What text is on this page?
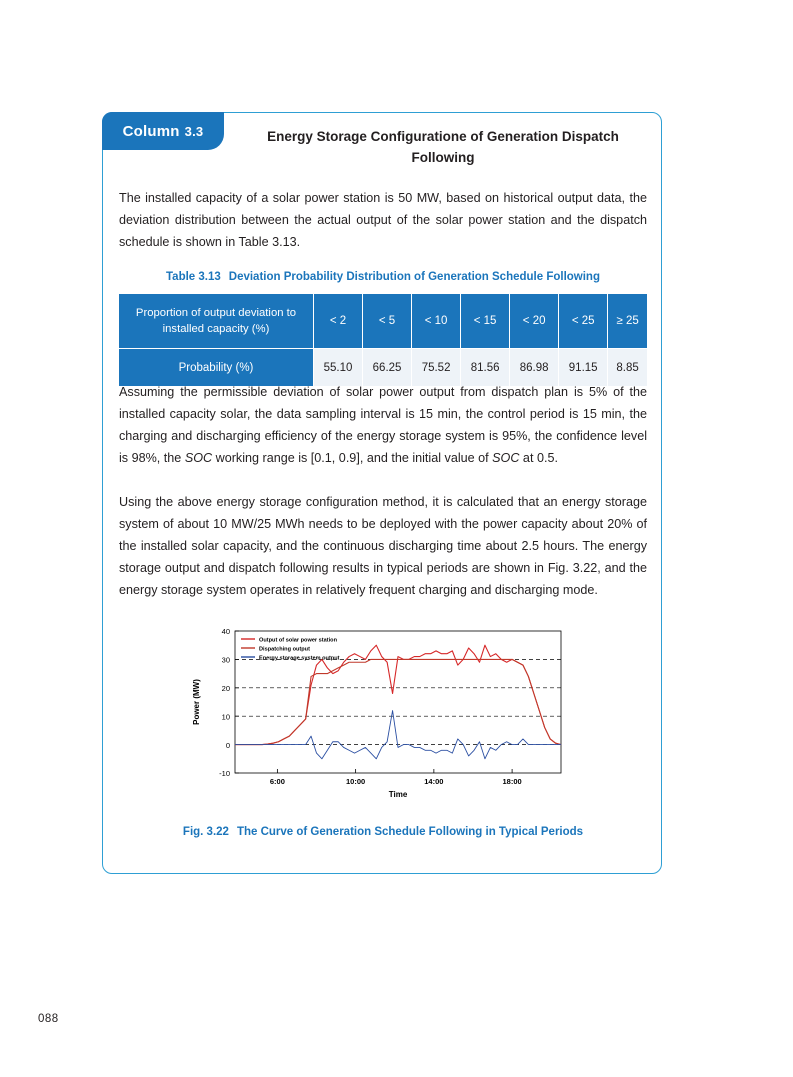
Column 3.3	Energy Storage Configuratione of Generation Dispatch Following
The installed capacity of a solar power station is 50 MW, based on historical output data, the deviation distribution between the actual output of the solar power station and the dispatch schedule is shown in Table 3.13.
Table 3.13 Deviation Probability Distribution of Generation Schedule Following
Proportion of output deviation to installed capacity (%)	< 2	< 5	< 10	< 15	< 20	< 25	≥ 25
Probability (%)	55.10	66.25	75.52	81.56	86.98	91.15	8.85
Assuming the permissible deviation of solar power output from dispatch plan is 5% of the installed capacity solar, the data sampling interval is 15 min, the control period is 15 min, the charging and discharging efficiency of the energy storage system is 95%, the confidence level is 98%, the SOC working range is [0.1, 0.9], and the initial value of SOC at 0.5.
Using the above energy storage configuration method, it is calculated that an energy storage system of about 10 MW/25 MWh needs to be deployed with the power capacity about 20% of the installed solar capacity, and the continuous discharging time about 2.5 hours. The energy storage output and dispatch following results in typical periods are shown in Fig. 3.22, and the energy storage system operates in relatively frequent charging and discharging mode.
-10
0
10
20
30
40
6:00	10:00	14:00	18:00
Time
Power (MW)
Output of solar power station
Dispatching output
Energy storage system output
Fig. 3.22 The Curve of Generation Schedule Following in Typical Periods
088
